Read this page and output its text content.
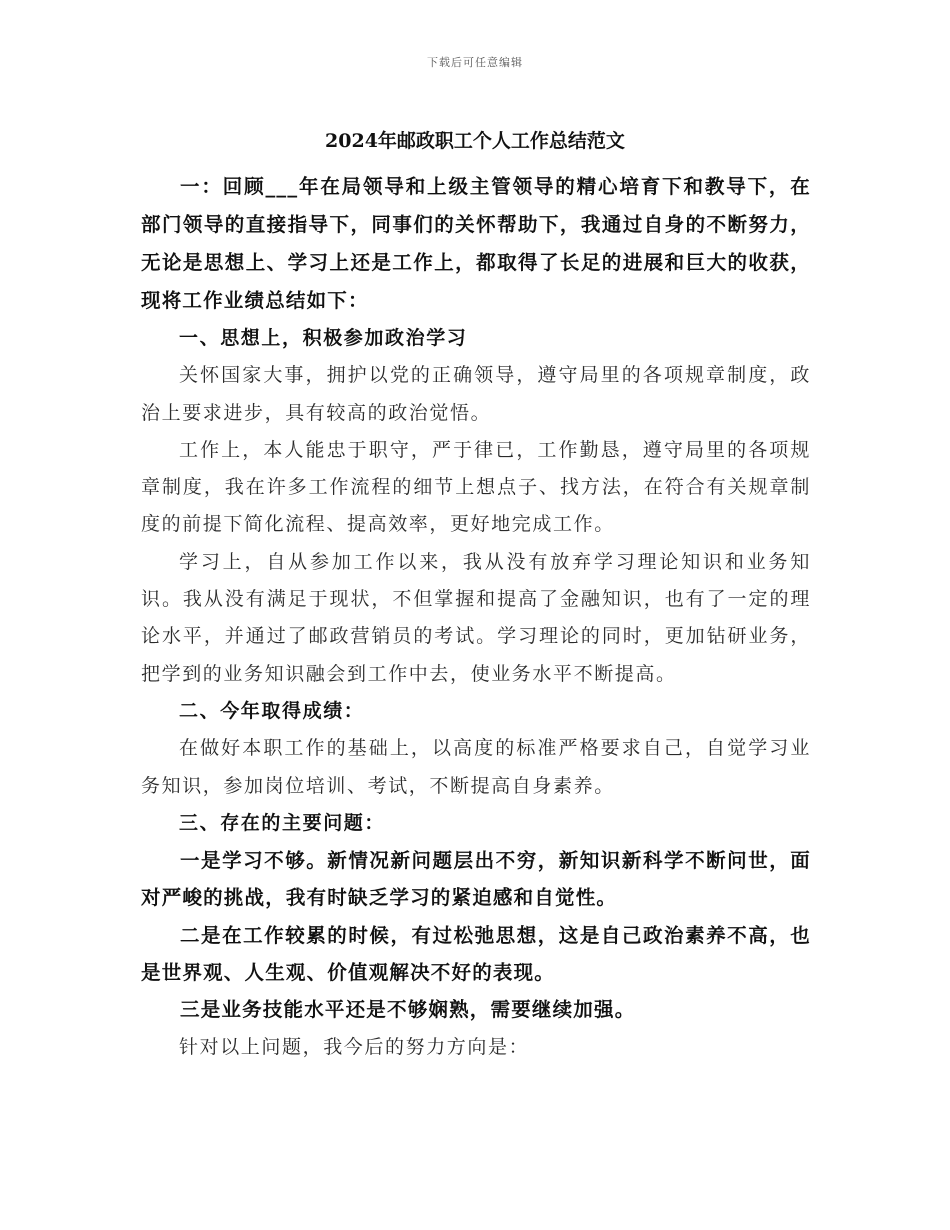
下载后可任意编辑
2024年邮政职工个人工作总结范文

一：回顾___年在局领导和上级主管领导的精心培育下和教导下，在部门领导的直接指导下，同事们的关怀帮助下，我通过自身的不断努力，无论是思想上、学习上还是工作上，都取得了长足的进展和巨大的收获，现将工作业绩总结如下：

一、思想上，积极参加政治学习

关怀国家大事，拥护以党的正确领导，遵守局里的各项规章制度，政治上要求进步，具有较高的政治觉悟。

工作上，本人能忠于职守，严于律已，工作勤恳，遵守局里的各项规章制度，我在许多工作流程的细节上想点子、找方法，在符合有关规章制度的前提下简化流程、提高效率，更好地完成工作。

学习上，自从参加工作以来，我从没有放弃学习理论知识和业务知识。我从没有满足于现状，不但掌握和提高了金融知识，也有了一定的理论水平，并通过了邮政营销员的考试。学习理论的同时，更加钻研业务，把学到的业务知识融会到工作中去，使业务水平不断提高。

二、今年取得成绩：

在做好本职工作的基础上，以高度的标准严格要求自己，自觉学习业务知识，参加岗位培训、考试，不断提高自身素养。

三、存在的主要问题：

一是学习不够。新情况新问题层出不穷，新知识新科学不断问世，面对严峻的挑战，我有时缺乏学习的紧迫感和自觉性。

二是在工作较累的时候，有过松弛思想，这是自己政治素养不高，也是世界观、人生观、价值观解决不好的表现。

三是业务技能水平还是不够娴熟，需要继续加强。

针对以上问题，我今后的努力方向是：
